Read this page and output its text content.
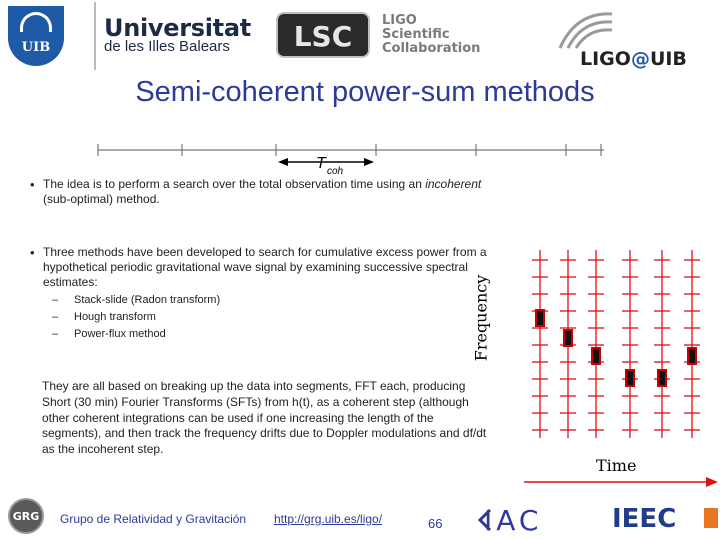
UIB
Universitat
de les Illes Balears	LSC	LIGO
Scientific
Collaboration	LIGO@UIB
Semi-coherent power-sum methods
T coh
• The idea is to perform a search over the total observation time using an incoherent (sub-optimal) method.
• Three methods have been developed to search for cumulative excess power from a hypothetical periodic gravitational wave signal by examining successive spectral estimates:
– Stack-slide (Radon transform)
– Hough transform
– Power-flux method
They are all based on breaking up the data into segments, FFT each, producing Short (30 min) Fourier Transforms (SFTs) from h(t), as a coherent step (although other coherent integrations can be used if one increasing the length of the segments), and then track the frequency drifts due to Doppler modulations and df/dt as the incoherent step.
Frequency
Time
GRG Grupo de Relatividad y Gravitación http://grg.uib.es/ligo/	66 IAC	IEEC
